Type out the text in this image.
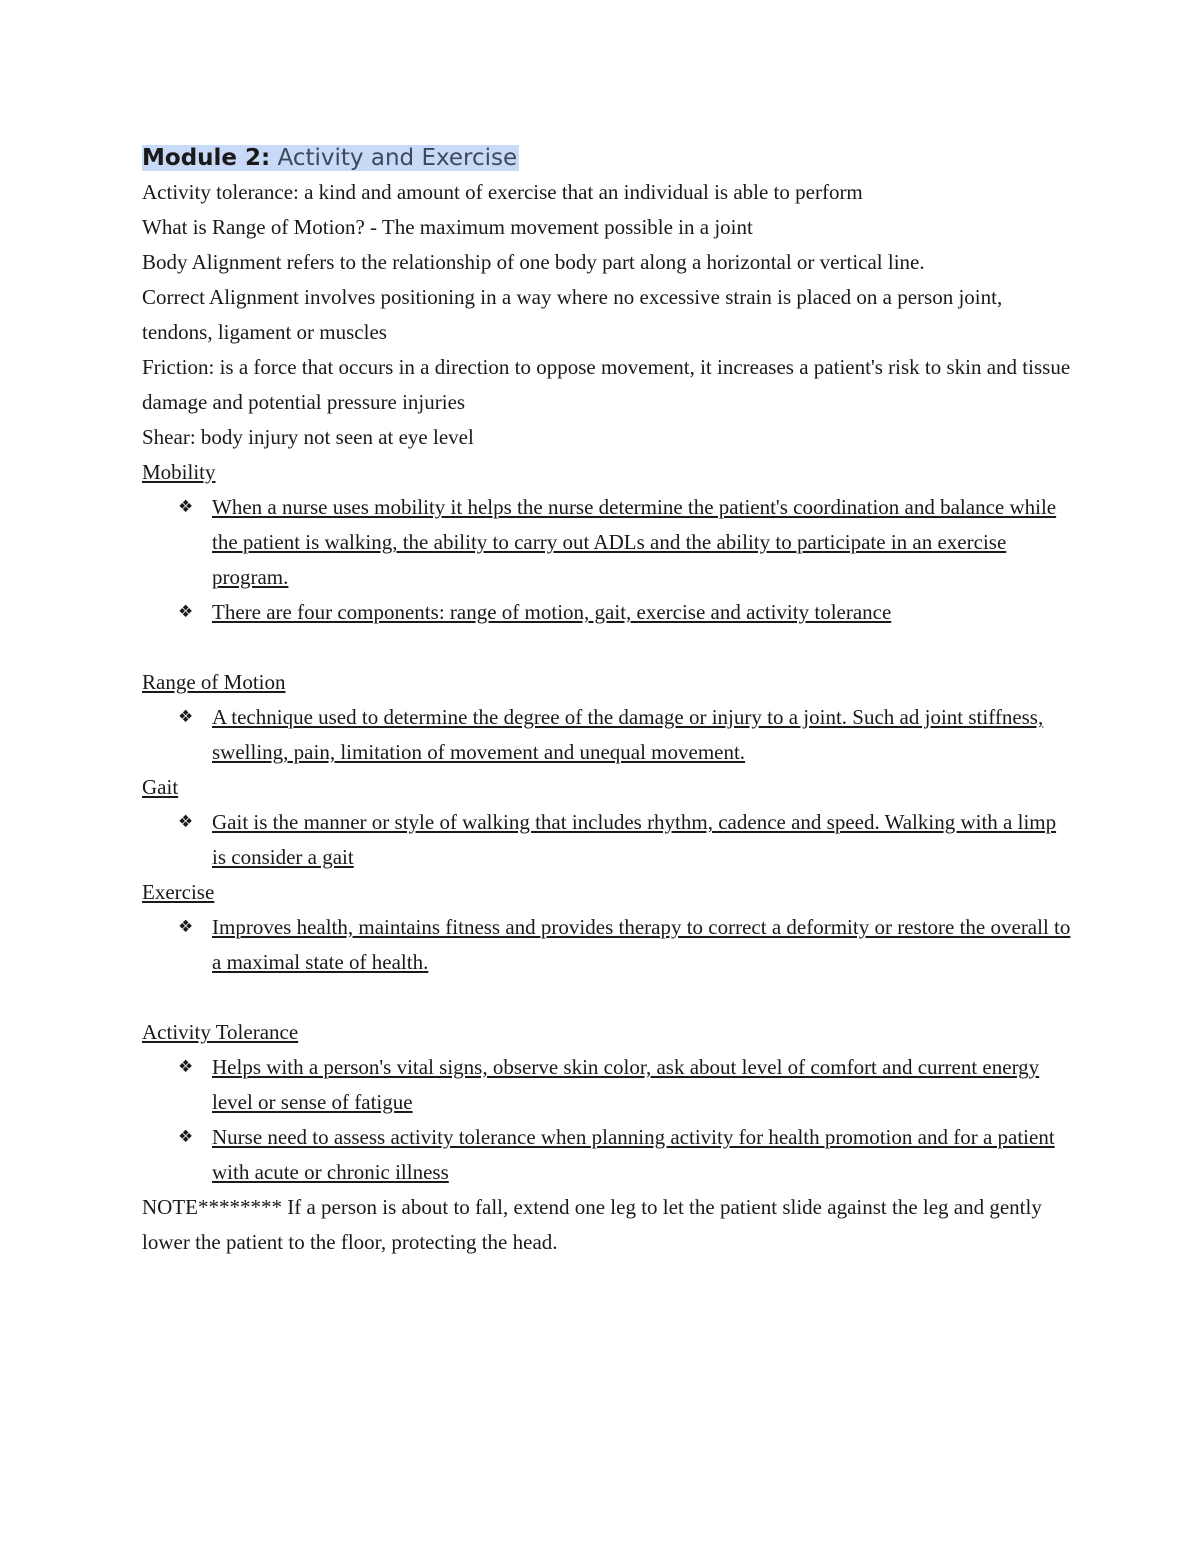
Module 2: Activity and Exercise

Activity tolerance: a kind and amount of exercise that an individual is able to perform

What is Range of Motion? - The maximum movement possible in a joint

Body Alignment refers to the relationship of one body part along a horizontal or vertical line.

Correct Alignment involves positioning in a way where no excessive strain is placed on a person joint, tendons, ligament or muscles

Friction: is a force that occurs in a direction to oppose movement, it increases a patient's risk to skin and tissue damage and potential pressure injuries

Shear: body injury not seen at eye level

Mobility

❖ When a nurse uses mobility it helps the nurse determine the patient's coordination and balance while the patient is walking, the ability to carry out ADLs and the ability to participate in an exercise program.
❖ There are four components: range of motion, gait, exercise and activity tolerance

Range of Motion

❖ A technique used to determine the degree of the damage or injury to a joint. Such ad joint stiffness, swelling, pain, limitation of movement and unequal movement.

Gait

❖ Gait is the manner or style of walking that includes rhythm, cadence and speed. Walking with a limp is consider a gait

Exercise

❖ Improves health, maintains fitness and provides therapy to correct a deformity or restore the overall to a maximal state of health.

Activity Tolerance

❖ Helps with a person's vital signs, observe skin color, ask about level of comfort and current energy level or sense of fatigue
❖ Nurse need to assess activity tolerance when planning activity for health promotion and for a patient with acute or chronic illness

NOTE******** If a person is about to fall, extend one leg to let the patient slide against the leg and gently lower the patient to the floor, protecting the head.
